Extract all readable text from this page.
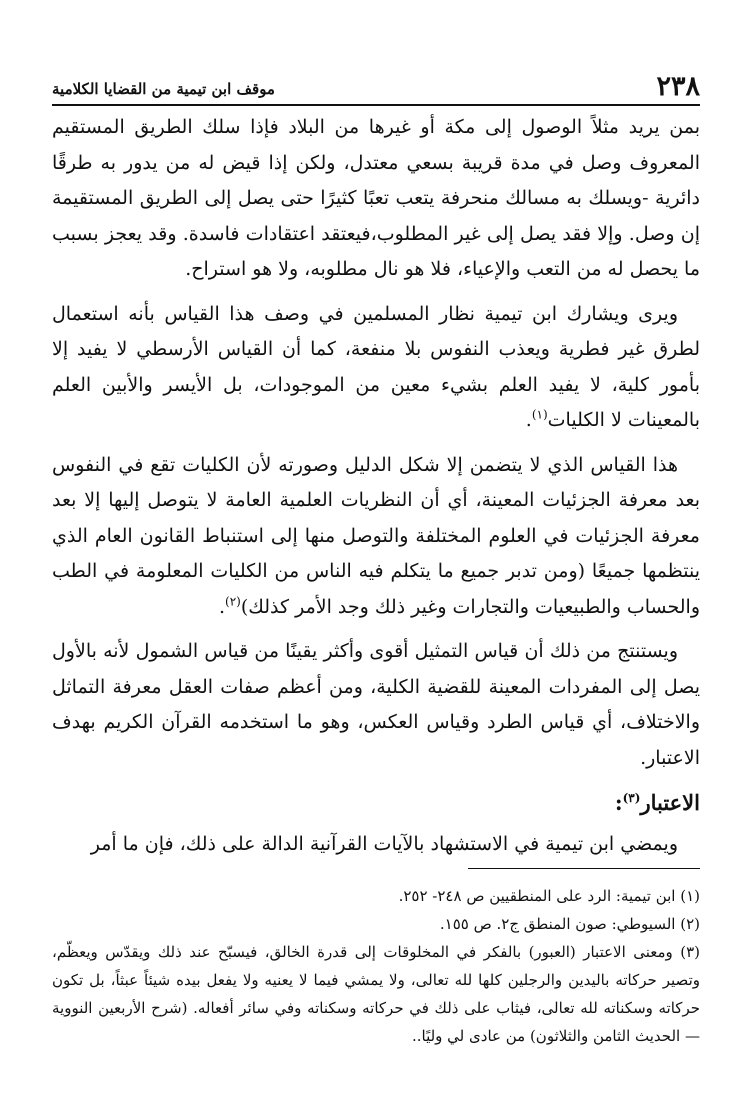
٢٣٨
موقف ابن تيمية من القضايا الكلامية

بمن يريد مثلاً الوصول إلى مكة أو غيرها من البلاد فإذا سلك الطريق المستقيم المعروف وصل في مدة قريبة بسعي معتدل، ولكن إذا قيض له من يدور به طرقًا دائرية -ويسلك به مسالك منحرفة يتعب تعبًا كثيرًا حتى يصل إلى الطريق المستقيمة إن وصل. وإلا فقد يصل إلى غير المطلوب،فيعتقد اعتقادات فاسدة. وقد يعجز بسبب ما يحصل له من التعب والإعياء، فلا هو نال مطلوبه، ولا هو استراح.

ويرى ويشارك ابن تيمية نظار المسلمين في وصف هذا القياس بأنه استعمال لطرق غير فطرية ويعذب النفوس بلا منفعة، كما أن القياس الأرسطي لا يفيد إلا بأمور كلية، لا يفيد العلم بشيء معين من الموجودات، بل الأيسر والأبين العلم بالمعينات لا الكليات$^{(١)}$.

هذا القياس الذي لا يتضمن إلا شكل الدليل وصورته لأن الكليات تقع في النفوس بعد معرفة الجزئيات المعينة، أي أن النظريات العلمية العامة لا يتوصل إليها إلا بعد معرفة الجزئيات في العلوم المختلفة والتوصل منها إلى استنباط القانون العام الذي ينتظمها جميعًا (ومن تدبر جميع ما يتكلم فيه الناس من الكليات المعلومة في الطب والحساب والطبيعيات والتجارات وغير ذلك وجد الأمر كذلك)$^{(٢)}$.

ويستنتج من ذلك أن قياس التمثيل أقوى وأكثر يقينًا من قياس الشمول لأنه بالأول يصل إلى المفردات المعينة للقضية الكلية، ومن أعظم صفات العقل معرفة التماثل والاختلاف، أي قياس الطرد وقياس العكس، وهو ما استخدمه القرآن الكريم بهدف الاعتبار.

الاعتبار$^{(٣)}$:

ويمضي ابن تيمية في الاستشهاد بالآيات القرآنية الدالة على ذلك، فإن ما أمر

(١) ابن تيمية: الرد على المنطقيين ص ٢٤٨- ٢٥٢.

(٢) السيوطي: صون المنطق ج٢. ص ١٥٥.

(٣) ومعنى الاعتبار (العبور) بالفكر في المخلوقات إلى قدرة الخالق، فيسبّح عند ذلك ويقدّس ويعظّم، وتصير حركاته باليدين والرجلين كلها لله تعالى، ولا يمشي فيما لا يعنيه ولا يفعل بيده شيئاً عبثاً، بل تكون حركاته وسكناته لله تعالى، فيثاب على ذلك في حركاته وسكناته وفي سائر أفعاله. (شرح الأربعين النووية — الحديث الثامن والثلاثون) من عادى لي وليًا..
